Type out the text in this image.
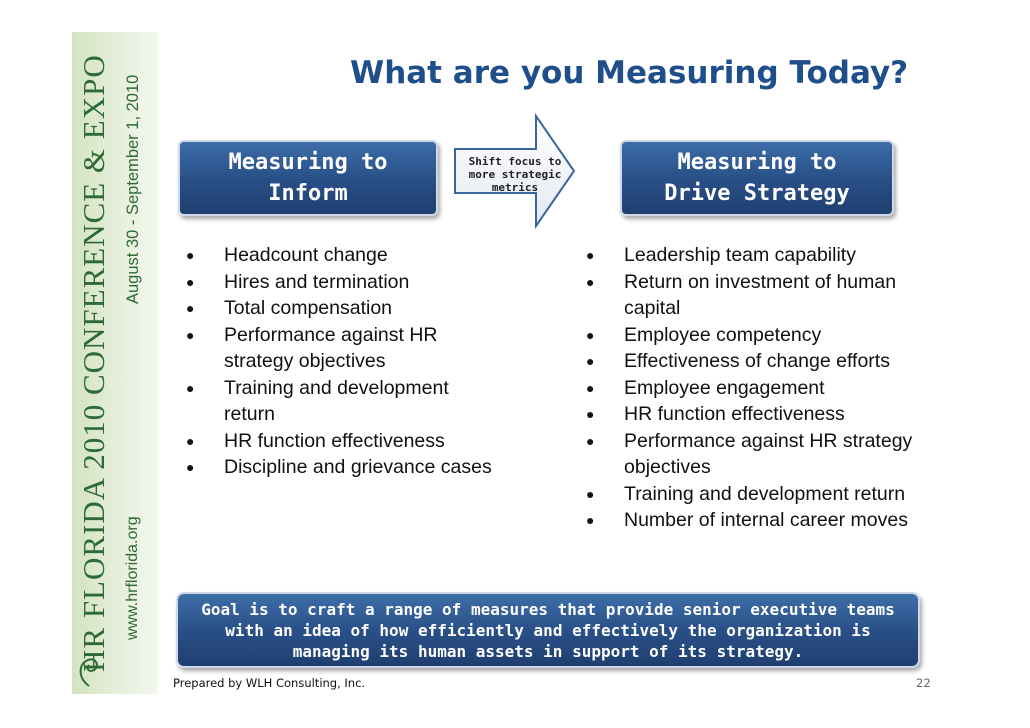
HR FLORIDA 2010 CONFERENCE & EXPO August 30 - September 1, 2010
www.hrflorida.org
What are you Measuring Today?
Measuring to
Inform
Shift focus to
more strategic
metrics
Measuring to
Drive Strategy
● Headcount change
● Hires and termination
● Total compensation
● Performance against HR strategy objectives
● Training and development return
● HR function effectiveness
● Discipline and grievance cases
● Leadership team capability
● Return on investment of human capital
● Employee competency
● Effectiveness of change efforts
● Employee engagement
● HR function effectiveness
● Performance against HR strategy objectives
● Training and development return
● Number of internal career moves
Goal is to craft a range of measures that provide senior executive teams with an idea of how efficiently and effectively the organization is managing its human assets in support of its strategy.
Prepared by WLH Consulting, Inc.	22
